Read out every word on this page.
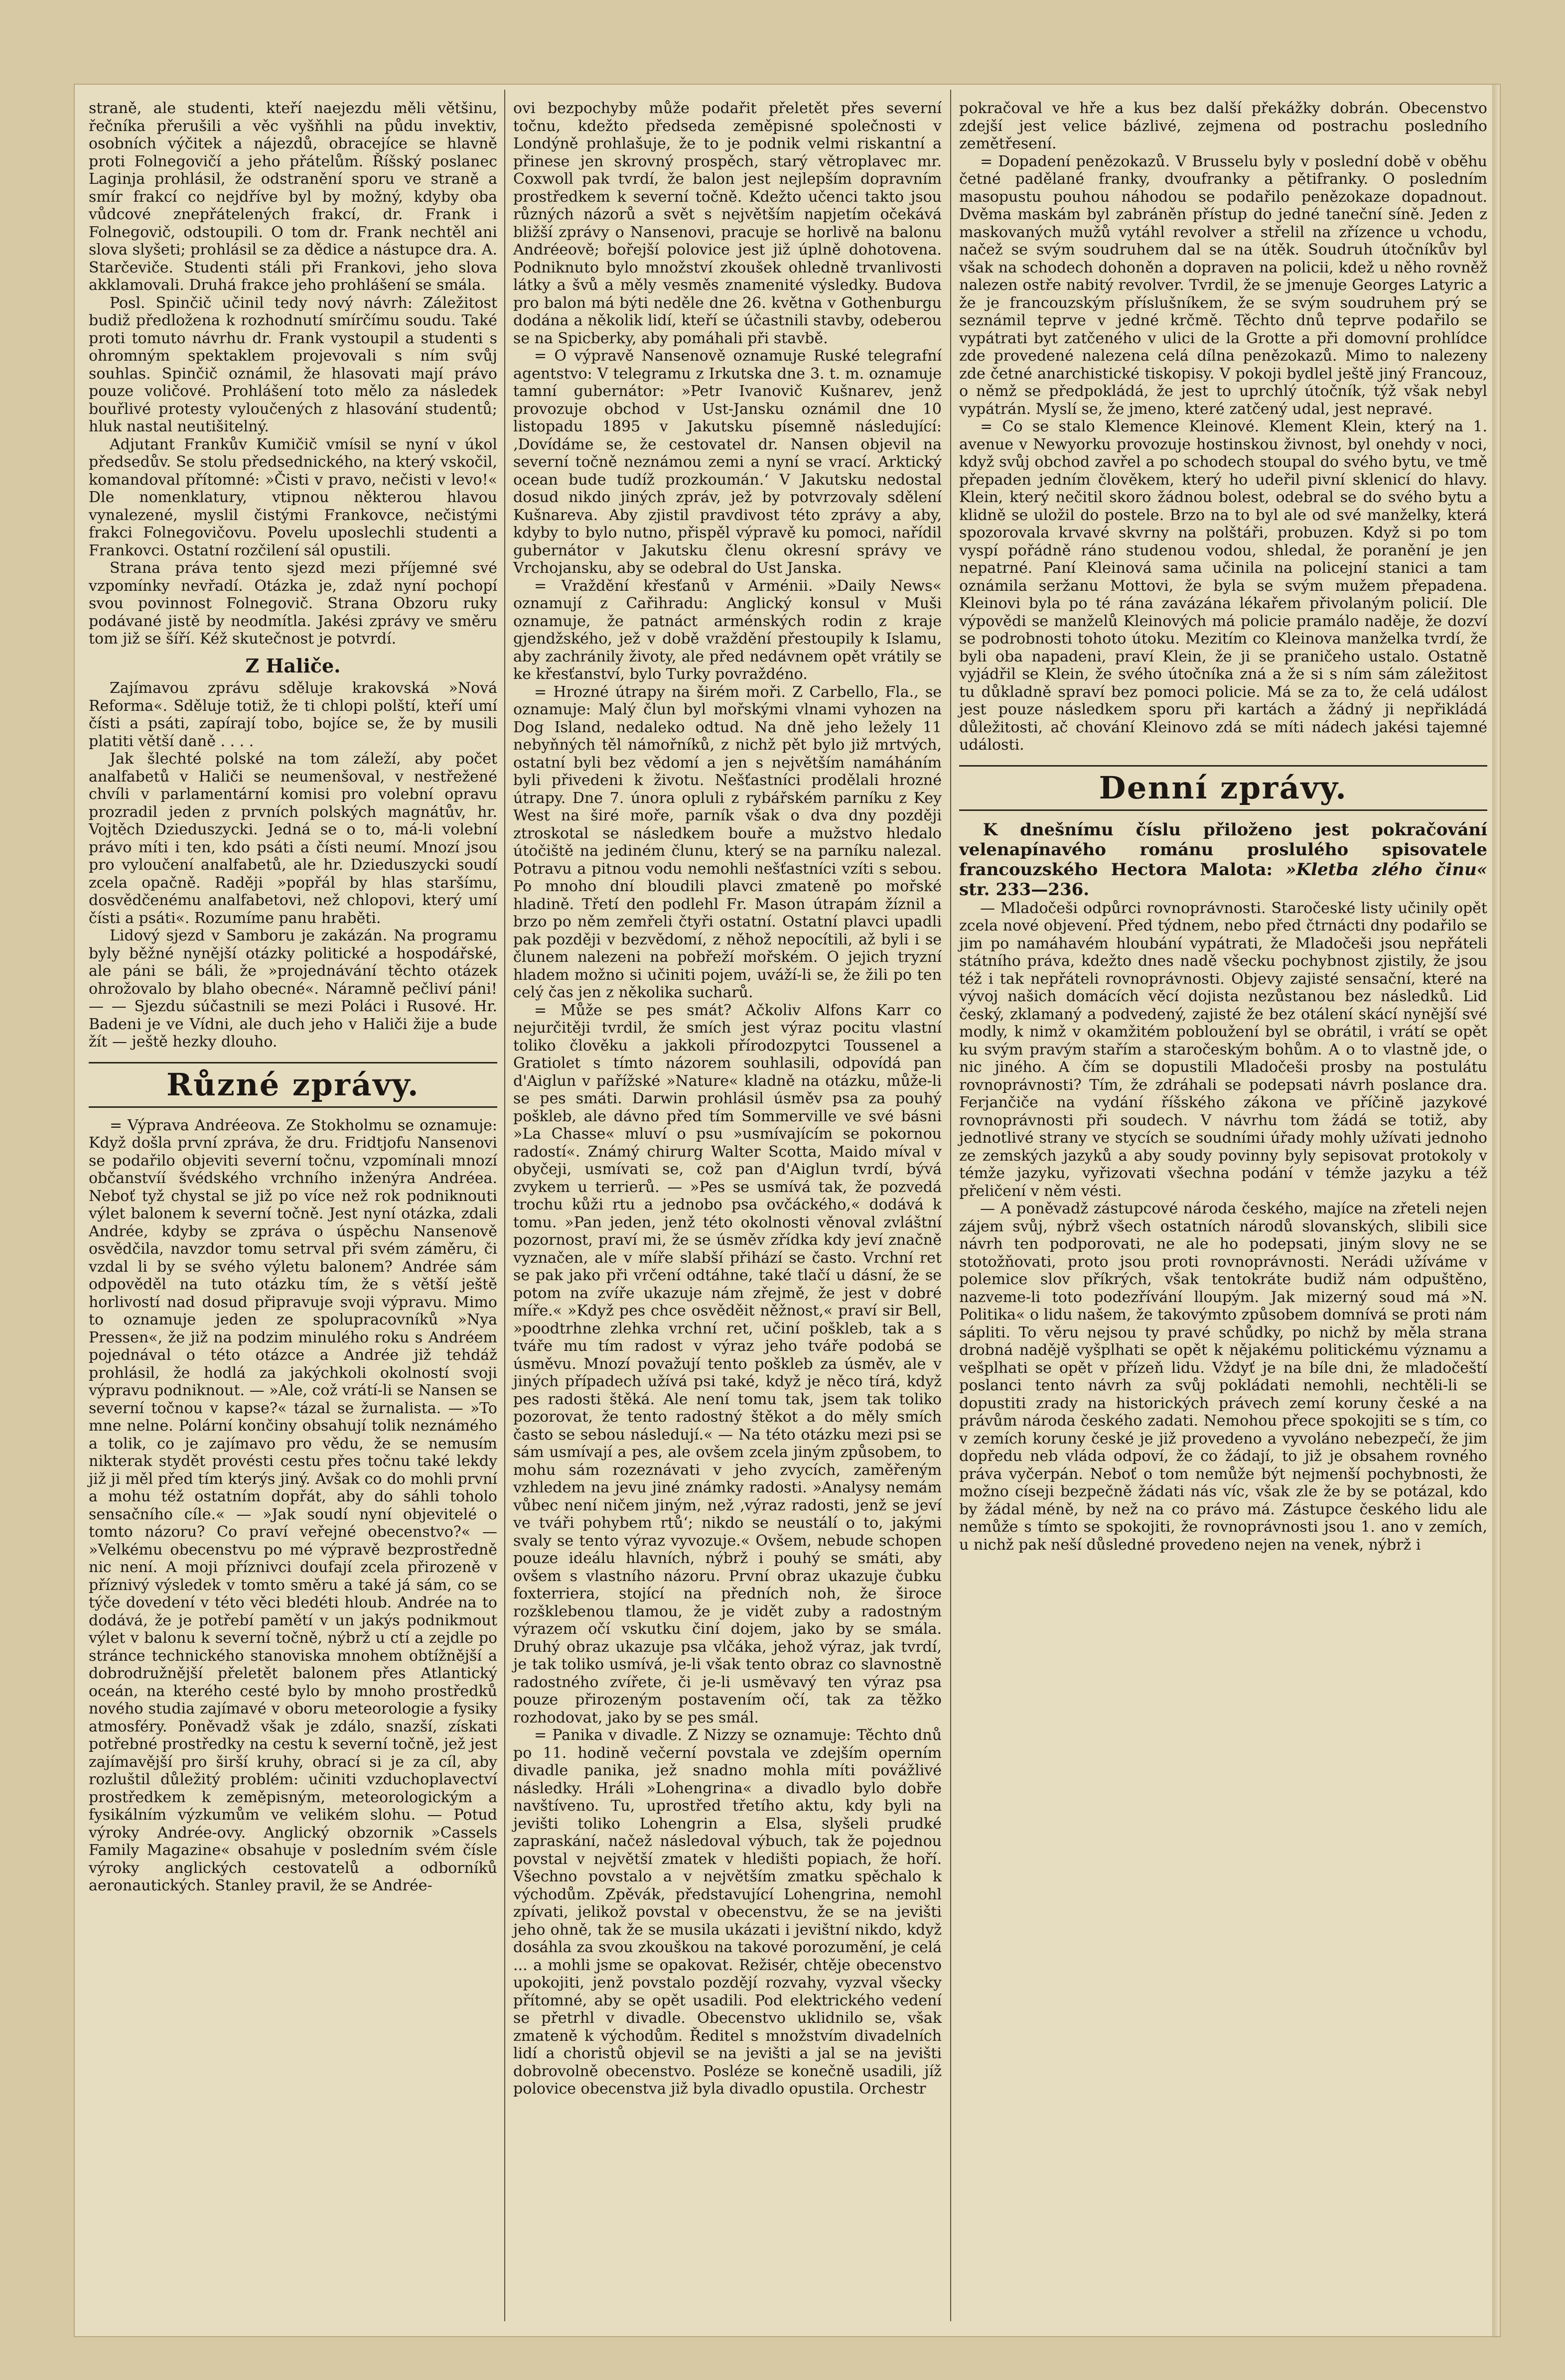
straně, ale studenti, kteří naejezdu měli většinu, řečníka přerušili a věc vyšňhli na půdu invektiv, osobních výčitek a nájezdů, obracejíce se hlavně proti Folnegovičí a jeho přátelům. Říšský poslanec Laginja prohlásil, že odstranění sporu ve straně a smír frakcí co nejdříve byl by možný, kdyby oba vůdcové znepřátelených frakcí, dr. Frank i Folnegovič, odstoupili. O tom dr. Frank nechtěl ani slova slyšeti; prohlásil se za dědice a nástupce dra. A. Starčeviče. Studenti stáli při Frankovi, jeho slova akklamovali. Druhá frakce jeho prohlášení se smála.

Posl. Spinčič učinil tedy nový návrh: Záležitost budiž předložena k rozhodnutí smírčímu soudu. Také proti tomuto návrhu dr. Frank vystoupil a studenti s ohromným spektaklem projevovali s ním svůj souhlas. Spinčič oznámil, že hlasovati mají právo pouze voličové. Prohlášení toto mělo za následek bouřlivé protesty vyloučených z hlasování studentů; hluk nastal neutišitelný.

Adjutant Frankův Kumičič vmísil se nyní v úkol předsedův. Se stolu předsednického, na který vskočil, komandoval přítomné: »Čisti v pravo, nečisti v levo!« Dle nomenklatury, vtipnou některou hlavou vynalezené, myslil čistými Frankovce, nečistými frakci Folnegovičovu. Povelu uposlechli studenti a Frankovci. Ostatní rozčilení sál opustili.

Strana práva tento sjezd mezi příjemné své vzpomínky nevřadí. Otázka je, zdaž nyní pochopí svou povinnost Folnegovič. Strana Obzoru ruky podávané jistě by neodmítla. Jakési zprávy ve směru tom již se šíří. Kéž skutečnost je potvrdí.

Z Haliče.

Zajímavou zprávu sděluje krakovská »Nová Reforma«. Sděluje totiž, že ti chlopi polští, kteří umí čísti a psáti, zapírají tobo, bojíce se, že by musili platiti větší daně . . . .

Jak šlechté polské na tom záleží, aby počet analfabetů v Haliči se neumenšoval, v nestřežené chvíli v parlamentární komisi pro volební opravu prozradil jeden z prvních polských magnátův, hr. Vojtěch Dzieduszycki. Jedná se o to, má-li volební právo míti i ten, kdo psáti a čísti neumí. Mnozí jsou pro vyloučení analfabetů, ale hr. Dzieduszycki soudí zcela opačně. Raději »popřál by hlas staršímu, dosvědčenému analfabetovi, než chlopovi, který umí čísti a psáti«. Rozumíme panu hraběti.

Lidový sjezd v Samboru je zakázán. Na programu byly běžné nynější otázky politické a hospodářské, ale páni se báli, že »projednávání těchto otázek ohrožovalo by blaho obecné«. Náramně pečliví páni! — — Sjezdu súčastnili se mezi Poláci i Rusové. Hr. Badeni je ve Vídni, ale duch jeho v Haliči žije a bude žít — ještě hezky dlouho.

Různé zprávy.

= Výprava Andréeova. Ze Stokholmu se oznamuje: Když došla první zpráva, že dru. Fridtjofu Nansenovi se podařilo objeviti severní točnu, vzpomínali mnozí občanstvíí švédského vrchního inženýra Andréea. Neboť tyž chystal se již po více než rok podniknouti výlet balonem k severní točně. Jest nyní otázka, zdali Andrée, kdyby se zpráva o úspěchu Nansenově osvědčila, navzdor tomu setrval při svém záměru, či vzdal li by se svého výletu balonem? Andrée sám odpověděl na tuto otázku tím, že s větší ještě horlivostí nad dosud připravuje svoji výpravu. Mimo to oznamuje jeden ze spolupracovníků »Nya Pressen«, že již na podzim minulého roku s Andréem pojednával o této otázce a Andrée již tehdáž prohlásil, že hodlá za jakýchkoli okolností svoji výpravu podniknout. — »Ale, což vrátí-li se Nansen se severní točnou v kapse?« tázal se žurnalista. — »To mne nelne. Polární končiny obsahují tolik neznámého a tolik, co je zajímavo pro vědu, že se nemusím nikterak stydět provésti cestu přes točnu také lekdy již ji měl před tím kterýs jiný. Avšak co do mohli první a mohu též ostatním dopřát, aby do sáhli toholo sensačního cíle.« — »Jak soudí nyní objevitelé o tomto názoru? Co praví veřejné obecenstvo?« — »Velkému obecenstvu po mé výpravě bezprostředně nic není. A moji příznivci doufají zcela přirozeně v příznivý výsledek v tomto směru a také já sám, co se týče dovedení v této věci bledéti hloub. Andrée na to dodává, že je potřebí pamětí v un jakýs podnikmout výlet v balonu k severní točně, nýbrž u ctí a zejdle po stránce technického stanoviska mnohem obtížnější a dobrodružnější přeletět balonem přes Atlantický oceán, na kterého cesté bylo by mnoho prostředků nového studia zajímavé v oboru meteorologie a fysiky atmosféry. Poněvadž však je zdálo, snazší, získati potřebné prostředky na cestu k severní točně, jež jest zajímavější pro širší kruhy, obrací si je za cíl, aby rozluštil důležitý problém: učiniti vzduchoplavectví prostředkem k zeměpisným, meteorologickým a fysikálním výzkumům ve velikém slohu. — Potud výroky Andrée-ovy. Anglický obzornik »Cassels Family Magazine« obsahuje v posledním svém čísle výroky anglických cestovatelů a odborníků aeronautických. Stanley pravil, že se Andrée-

ovi bezpochyby může podařit přeletět přes severní točnu, kdežto předseda zeměpisné společnosti v Londýně prohlašuje, že to je podnik velmi riskantní a přinese jen skrovný prospěch, starý větroplavec mr. Coxwoll pak tvrdí, že balon jest nejlepším dopravním prostředkem k severní točně. Kdežto učenci takto jsou různých názorů a svět s největším napjetím očekává bližší zprávy o Nansenovi, pracuje se horlivě na balonu Andréeově; bořejší polovice jest již úplně dohotovena. Podniknuto bylo množství zkoušek ohledně trvanlivosti látky a švů a měly vesměs znamenité výsledky. Budova pro balon má býti neděle dne 26. května v Gothenburgu dodána a několik lidí, kteří se účastnili stavby, odeberou se na Spicberky, aby pomáhali při stavbě.

= O výpravě Nansenově oznamuje Ruské telegrafní agentstvo: V telegramu z Irkutska dne 3. t. m. oznamuje tamní gubernátor: »Petr Ivanovič Kušnarev, jenž provozuje obchod v Ust-Jansku oznámil dne 10 listopadu 1895 v Jakutsku písemně následující: ‚Dovídáme se, že cestovatel dr. Nansen objevil na severní točně neznámou zemi a nyní se vrací. Arktický ocean bude tudíž prozkoumán.‘ V Jakutsku nedostal dosud nikdo jiných zpráv, jež by potvrzovaly sdělení Kušnareva. Aby zjistil pravdivost této zprávy a aby, kdyby to bylo nutno, přispěl výpravě ku pomoci, nařídil gubernátor v Jakutsku členu okresní správy ve Vrchojansku, aby se odebral do Ust Janska.

= Vraždění křesťanů v Arménii. »Daily News« oznamují z Cařihradu: Anglický konsul v Muši oznamuje, že patnáct arménských rodin z kraje gjendžského, jež v době vraždění přestoupily k Islamu, aby zachránily životy, ale před nedávnem opět vrátily se ke křesťanství, bylo Turky povraždéno.

= Hrozné útrapy na širém moři. Z Carbello, Fla., se oznamuje: Malý člun byl mořskými vlnami vyhozen na Dog Island, nedaleko odtud. Na dně jeho ležely 11 nebyňných těl námořníků, z nichž pět bylo již mrtvých, ostatní byli bez vědomí a jen s největším namáháním byli přivedeni k životu. Nešťastníci prodělali hrozné útrapy. Dne 7. února opluli z rybářském parníku z Key West na širé moře, parník však o dva dny později ztroskotal se následkem bouře a mužstvo hledalo útočiště na jediném člunu, který se na parníku nalezal. Potravu a pitnou vodu nemohli nešťastníci vzíti s sebou. Po mnoho dní bloudili plavci zmateně po mořské hladině. Třetí den podlehl Fr. Mason útrapám žíznil a brzo po něm zemřeli čtyři ostatní. Ostatní plavci upadli pak později v bezvědomí, z něhož nepocítili, až byli i se člunem nalezeni na pobřeží mořském. O jejich tryzní hladem možno si učiniti pojem, uváží-li se, že žili po ten celý čas jen z několika sucharů.

= Může se pes smát? Ačkoliv Alfons Karr co nejurčitěji tvrdil, že smích jest výraz pocitu vlastní toliko člověku a jakkoli přírodozpytci Toussenel a Gratiolet s tímto názorem souhlasili, odpovídá pan d'Aiglun v pařížské »Nature« kladně na otázku, může-li se pes smáti. Darwin prohlásil úsměv psa za pouhý poškleb, ale dávno před tím Sommerville ve své básni »La Chasse« mluví o psu »usmívajícím se pokornou radostí«. Známý chirurg Walter Scotta, Maido míval v obyčeji, usmívati se, což pan d'Aiglun tvrdí, bývá zvykem u terrierů. — »Pes se usmívá tak, že pozvedá trochu kůži rtu a jednobo psa ovčáckého,« dodává k tomu. »Pan jeden, jenž této okolnosti věnoval zvláštní pozornost, praví mi, že se úsměv zřídka kdy jeví značně vyznačen, ale v míře slabší přihází se často. Vrchní ret se pak jako při vrčení odtáhne, také tlačí u dásní, že se potom na zvíře ukazuje nám zřejmě, že jest v dobré míře.« »Když pes chce osvěděit něžnost,« praví sir Bell, »poodtrhne zlehka vrchní ret, učiní poškleb, tak a s tváře mu tím radost v výraz jeho tváře podobá se úsměvu. Mnozí považují tento poškleb za úsměv, ale v jiných případech užívá psi také, když je něco tírá, když pes radosti štěká. Ale není tomu tak, jsem tak toliko pozorovat, že tento radostný štěkot a do měly smích často se sebou následují.« — Na této otázku mezi psi se sám usmívají a pes, ale ovšem zcela jiným způsobem, to mohu sám rozeznávati v jeho zvycích, zaměřeným vzhledem na jevu jiné známky radosti. »Analysy nemám vůbec není ničem jiným, než ‚výraz radosti, jenž se jeví ve tváři pohybem rtů‘; nikdo se neustálí o to, jakými svaly se tento výraz vyvozuje.« Ovšem, nebude schopen pouze ideálu hlavních, nýbrž i pouhý se smáti, aby ovšem s vlastního názoru. První obraz ukazuje čubku foxterriera, stojící na předních noh, že široce rozšklebenou tlamou, že je vidět zuby a radostným výrazem očí vskutku činí dojem, jako by se smála. Druhý obraz ukazuje psa vlčáka, jehož výraz, jak tvrdí, je tak toliko usmívá, je-li však tento obraz co slavnostně radostného zvířete, či je-li usměvavý ten výraz psa pouze přirozeným postavením očí, tak za těžko rozhodovat, jako by se pes smál.

= Panika v divadle. Z Nizzy se oznamuje: Těchto dnů po 11. hodině večerní povstala ve zdejším operním divadle panika, jež snadno mohla míti povážlivé následky. Hráli »Lohengrina« a divadlo bylo dobře navštíveno. Tu, uprostřed třetího aktu, kdy byli na jevišti toliko Lohengrin a Elsa, slyšeli prudké zapraskání, načež následoval výbuch, tak že pojednou povstal v největší zmatek v hledišti popiach, že hoří. Všechno povstalo a v největším zmatku spěchalo k východům. Zpěvák, představující Lohengrina, nemohl zpívati, jelikož povstal v obecenstvu, že se na jevišti jeho ohně, tak že se musila ukázati i jevištní nikdo, když dosáhla za svou zkouškou na takové porozumění, je celá ... a mohli jsme se opakovat. Režisér, chtěje obecenstvo upokojiti, jenž povstalo pozdějí rozvahy, vyzval všecky přítomné, aby se opět usadili. Pod elektrického vedení se přetrhl v divadle. Obecenstvo uklidnilo se, však zmateně k východům. Ředitel s množstvím divadelních lidí a choristů objevil se na jevišti a jal se na jevišti dobrovolně obecenstvo. Posléze se konečně usadili, jíž polovice obecenstva již byla divadlo opustila. Orchestr

pokračoval ve hře a kus bez další překážky dobrán. Obecenstvo zdejší jest velice bázlivé, zejmena od postrachu posledního zemětřesení.

= Dopadení penězokazů. V Brusselu byly v poslední době v oběhu četné padělané franky, dvoufranky a pětifranky. O posledním masopustu pouhou náhodou se podařilo penězokaze dopadnout. Dvěma maskám byl zabráněn přístup do jedné taneční síně. Jeden z maskovaných mužů vytáhl revolver a střelil na zřízence u vchodu, načež se svým soudruhem dal se na útěk. Soudruh útočníkův byl však na schodech dohoněn a dopraven na policii, kdež u něho rovněž nalezen ostře nabitý revolver. Tvrdil, že se jmenuje Georges Latyric a že je francouzským příslušníkem, že se svým soudruhem prý se seznámil teprve v jedné krčmě. Těchto dnů teprve podařilo se vypátrati byt zatčeného v ulici de la Grotte a při domovní prohlídce zde provedené nalezena celá dílna penězokazů. Mimo to nalezeny zde četné anarchistické tiskopisy. V pokoji bydlel ještě jiný Francouz, o němž se předpokládá, že jest to uprchlý útočník, týž však nebyl vypátrán. Myslí se, že jmeno, které zatčený udal, jest nepravé.

= Co se stalo Klemence Kleinové. Klement Klein, který na 1. avenue v Newyorku provozuje hostinskou živnost, byl onehdy v noci, když svůj obchod zavřel a po schodech stoupal do svého bytu, ve tmě přepaden jedním člověkem, který ho udeřil pivní sklenicí do hlavy. Klein, který nečitil skoro žádnou bolest, odebral se do svého bytu a klidně se uložil do postele. Brzo na to byl ale od své manželky, která spozorovala krvavé skvrny na polštáři, probuzen. Když si po tom vyspí pořádně ráno studenou vodou, shledal, že poranění je jen nepatrné. Paní Kleinová sama učinila na policejní stanici a tam oznámila seržanu Mottovi, že byla se svým mužem přepadena. Kleinovi byla po té rána zavázána lékařem přivolaným policií. Dle výpovědi se manželů Kleinových má policie pramálo naděje, že dozví se podrobnosti tohoto útoku. Mezitím co Kleinova manželka tvrdí, že byli oba napadeni, praví Klein, že ji se praničeho ustalo. Ostatně vyjádřil se Klein, že svého útočníka zná a že si s ním sám záležitost tu důkladně spraví bez pomoci policie. Má se za to, že celá událost jest pouze následkem sporu při kartách a žádný ji nepřikládá důležitosti, ač chování Kleinovo zdá se míti nádech jakési tajemné události.

Denní zprávy.

K dnešnímu číslu přiloženo jest pokračování velenapínavého románu proslulého spisovatele francouzského Hectora Malota: »Kletba zlého činu« str. 233—236.

— Mladočeši odpůrci rovnoprávnosti. Staročeské listy učinily opět zcela nové objevení. Před týdnem, nebo před čtrnácti dny podařilo se jim po namáhavém hloubání vypátrati, že Mladočeši jsou nepřáteli státního práva, kdežto dnes nadě všecku pochybnost zjistily, že jsou též i tak nepřáteli rovnoprávnosti. Objevy zajisté sensační, které na vývoj našich domácích věcí dojista nezůstanou bez následků. Lid český, zklamaný a podvedený, zajisté že bez otálení skácí nynější své modly, k nimž v okamžitém pobloužení byl se obrátil, i vrátí se opět ku svým pravým stařím a staročeským bohům. A o to vlastně jde, o nic jiného. A čím se dopustili Mladočeši prosby na postulátu rovnoprávnosti? Tím, že zdráhali se podepsati návrh poslance dra. Ferjančiče na vydání říšského zákona ve příčině jazykové rovnoprávnosti při soudech. V návrhu tom žádá se totiž, aby jednotlivé strany ve stycích se soudními úřady mohly užívati jednoho ze zemských jazyků a aby soudy povinny byly sepisovat protokoly v témže jazyku, vyřizovati všechna podání v témže jazyku a též přeličení v něm vésti.

— A poněvadž zástupcové národa českého, majíce na zřeteli nejen zájem svůj, nýbrž všech ostatních národů slovanských, slibili sice návrh ten podporovati, ne ale ho podepsati, jiným slovy ne se stotožňovati, proto jsou proti rovnoprávnosti. Nerádi užíváme v polemice slov příkrých, však tentokráte budiž nám odpuštěno, nazveme-li toto podezřívání lloupým. Jak mizerný soud má »N. Politika« o lidu našem, že takovýmto způsobem domnívá se proti nám sápliti. To věru nejsou ty pravé schůdky, po nichž by měla strana drobná nadějě vyšplhati se opět k nějakému politickému významu a vešplhati se opět v přízeň lidu. Vždyť je na bíle dni, že mladočeští poslanci tento návrh za svůj pokládati nemohli, nechtěli-li se dopustiti zrady na historických právech zemí koruny české a na právům národa českého zadati. Nemohou přece spokojiti se s tím, co v zemích koruny české je již provedeno a vyvoláno nebezpečí, že jim dopředu neb vláda odpoví, že co žádají, to již je obsahem rovného práva vyčerpán. Neboť o tom nemůže být nejmenší pochybnosti, že možno císeji bezpečně žádati nás víc, však zle že by se potázal, kdo by žádal méně, by než na co právo má. Zástupce českého lidu ale nemůže s tímto se spokojiti, že rovnoprávnosti jsou 1. ano v zemích, u nichž pak neší důsledné provedeno nejen na venek, nýbrž i
